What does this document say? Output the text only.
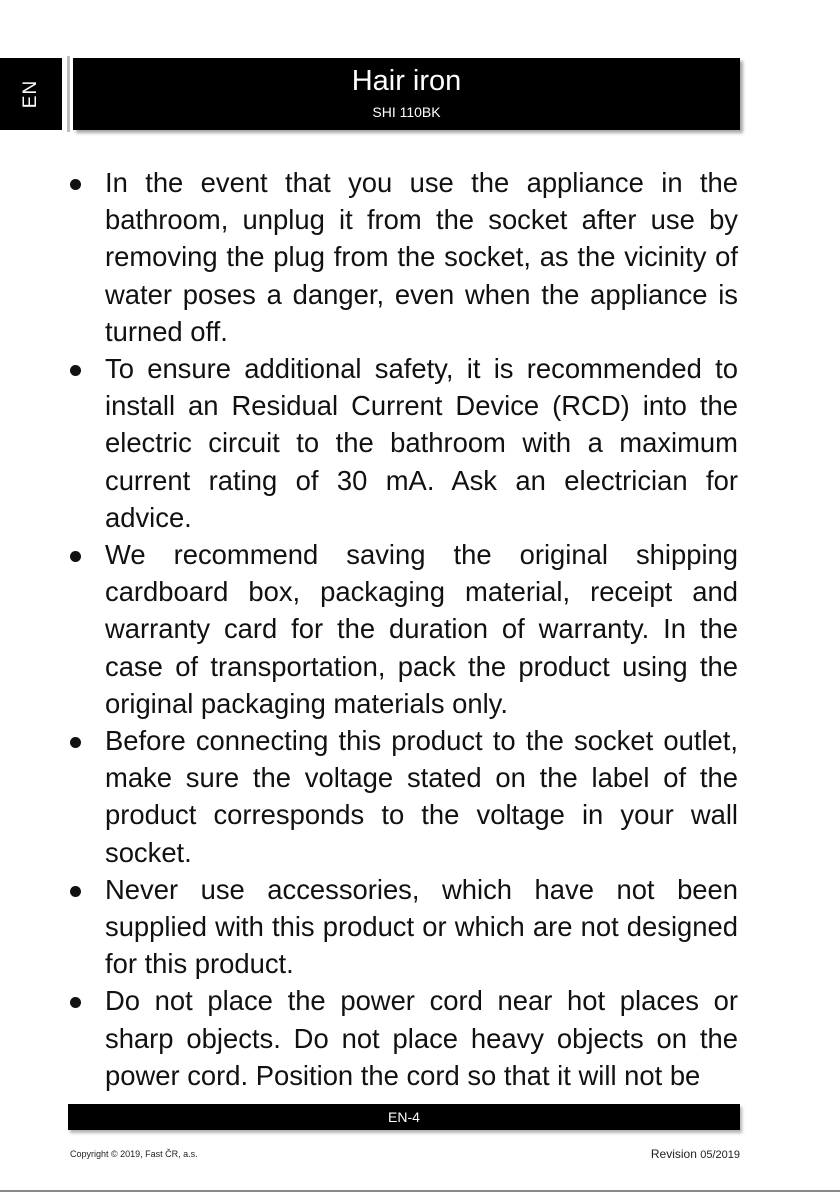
EN	Hair iron
SHI 110BK
In the event that you use the appliance in the bathroom, unplug it from the socket after use by removing the plug from the socket, as the vicinity of water poses a danger, even when the appliance is turned off.
To ensure additional safety, it is recommended to install an Residual Current Device (RCD) into the electric circuit to the bathroom with a maximum current rating of 30 mA. Ask an electrician for advice.
We recommend saving the original shipping cardboard box, packaging material, receipt and warranty card for the duration of warranty. In the case of transportation, pack the product using the original packaging materials only.
Before connecting this product to the socket outlet, make sure the voltage stated on the label of the product corresponds to the voltage in your wall socket.
Never use accessories, which have not been supplied with this product or which are not designed for this product.
Do not place the power cord near hot places or sharp objects. Do not place heavy objects on the power cord. Position the cord so that it will not be
EN-4
Copyright © 2019, Fast ČR, a.s.	Revision 05/2019
